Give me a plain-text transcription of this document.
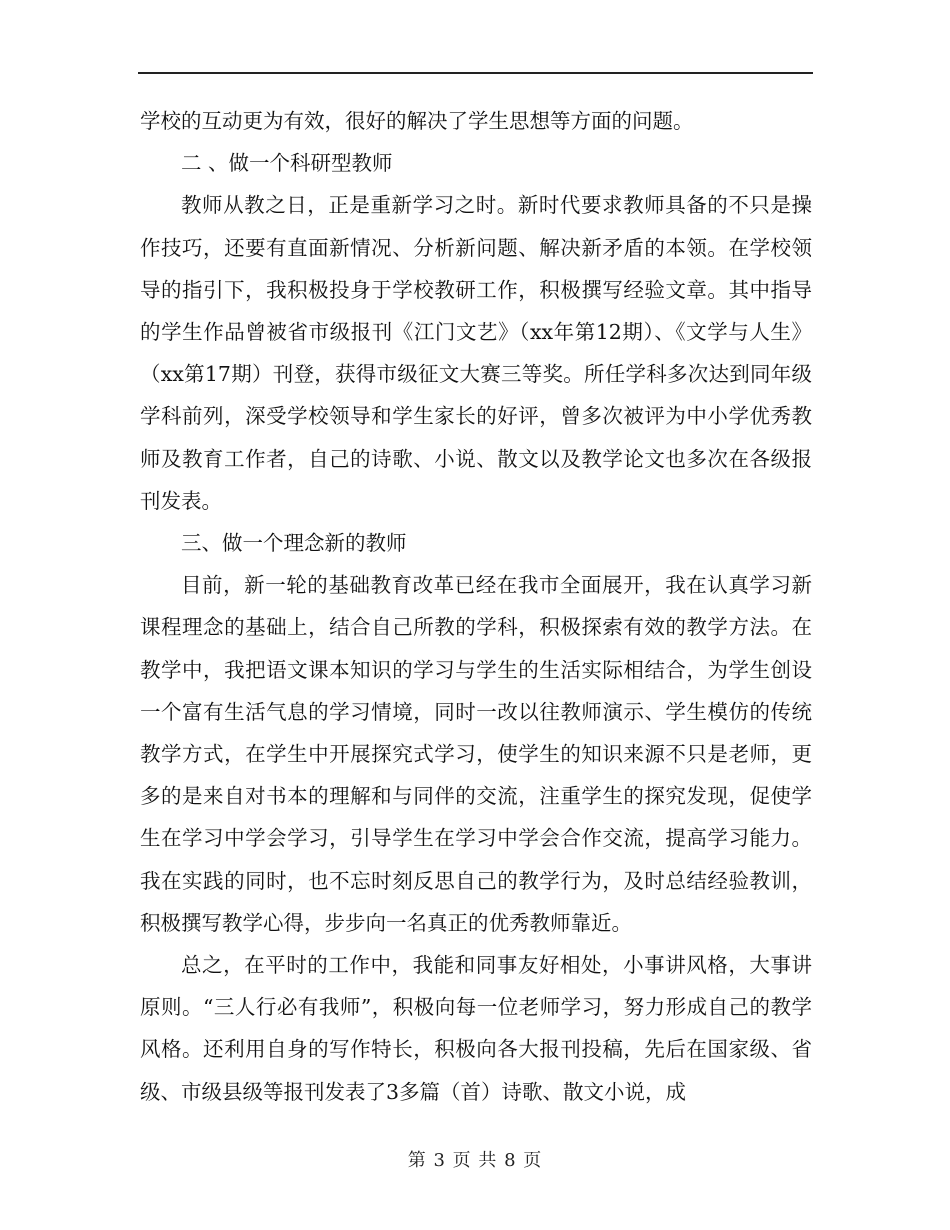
学校的互动更为有效，很好的解决了学生思想等方面的问题。

二 、做一个科研型教师

教师从教之日，正是重新学习之时。新时代要求教师具备的不只是操作技巧，还要有直面新情况、分析新问题、解决新矛盾的本领。在学校领导的指引下，我积极投身于学校教研工作，积极撰写经验文章。其中指导的学生作品曾被省市级报刊《江门文艺》（xx年第12期）、《文学与人生》（xx第17期）刊登，获得市级征文大赛三等奖。所任学科多次达到同年级学科前列，深受学校领导和学生家长的好评，曾多次被评为中小学优秀教师及教育工作者，自己的诗歌、小说、散文以及教学论文也多次在各级报刊发表。

三、做一个理念新的教师

目前，新一轮的基础教育改革已经在我市全面展开，我在认真学习新课程理念的基础上，结合自己所教的学科，积极探索有效的教学方法。在教学中，我把语文课本知识的学习与学生的生活实际相结合，为学生创设一个富有生活气息的学习情境，同时一改以往教师演示、学生模仿的传统教学方式，在学生中开展探究式学习，使学生的知识来源不只是老师，更多的是来自对书本的理解和与同伴的交流，注重学生的探究发现，促使学生在学习中学会学习，引导学生在学习中学会合作交流，提高学习能力。我在实践的同时，也不忘时刻反思自己的教学行为，及时总结经验教训，积极撰写教学心得，步步向一名真正的优秀教师靠近。

总之，在平时的工作中，我能和同事友好相处，小事讲风格，大事讲原则。“三人行必有我师”，积极向每一位老师学习，努力形成自己的教学风格。还利用自身的写作特长，积极向各大报刊投稿，先后在国家级、省级、市级县级等报刊发表了3多篇（首）诗歌、散文小说，成

第 3 页 共 8 页
